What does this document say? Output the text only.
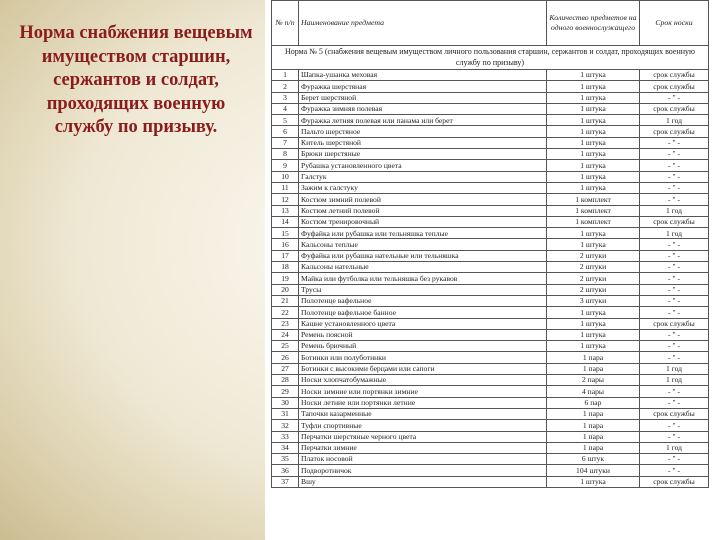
Норма снабжения вещевым имуществом старшин, сержантов и солдат, проходящих военную службу по призыву.
№ п/п	Наименование предмета	Количество предметов на одного военнослужащего	Срок носки
Норма № 5 (снабжения вещевым имуществом личного пользования старшин, сержантов и солдат, проходящих военную службу по призыву)			
1	Шапка-ушанка меховая	1 штука	срок службы
2	Фуражка шерстяная	1 штука	срок службы
3	Берет шерстяной	1 штука	- " -
4	Фуражка зимняя полевая	1 штука	срок службы
5	Фуражка летняя полевая или панама или берет	1 штука	1 год
6	Пальто шерстяное	1 штука	срок службы
7	Китель шерстяной	1 штука	- " -
8	Брюки шерстяные	1 штука	- " -
9	Рубашка установленного цвета	1 штука	- " -
10	Галстук	1 штука	- " -
11	Зажим к галстуку	1 штука	- " -
12	Костюм зимний полевой	1 комплект	- " -
13	Костюм летний полевой	1 комплект	1 год
14	Костюм тренировочный	1 комплект	срок службы
15	Фуфайка или рубашка или тельняшка теплые	1 штука	1 год
16	Кальсоны теплые	1 штука	- " -
17	Фуфайка или рубашка нательные или тельняшка	2 штуки	- " -
18	Кальсоны нательные	2 штуки	- " -
19	Майка или футболка или тельняшка без рукавов	2 штуки	- " -
20	Трусы	2 штуки	- " -
21	Полотенце вафельное	3 штуки	- " -
22	Полотенце вафельное банное	1 штука	- " -
23	Кашне установленного цвета	1 штука	срок службы
24	Ремень поясной	1 штука	- " -
25	Ремень брючный	1 штука	- " -
26	Ботинки или полуботинки	1 пара	- " -
27	Ботинки с высокими берцами или сапоги	1 пара	1 год
28	Носки хлопчатобумажные	2 пары	1 год
29	Носки зимние или портянки зимние	4 пары	- " -
30	Носки летние или портянки летние	6 пар	- " -
31	Тапочки казарменные	1 пара	срок службы
32	Туфли спортивные	1 пара	- " -
33	Перчатки шерстяные черного цвета	1 пара	- " -
34	Перчатки зимние	1 пара	1 год
35	Платок носовой	6 штук	- " -
36	Подворотничок	104 штуки	- " -
37	Вшу	1 штука	срок службы
